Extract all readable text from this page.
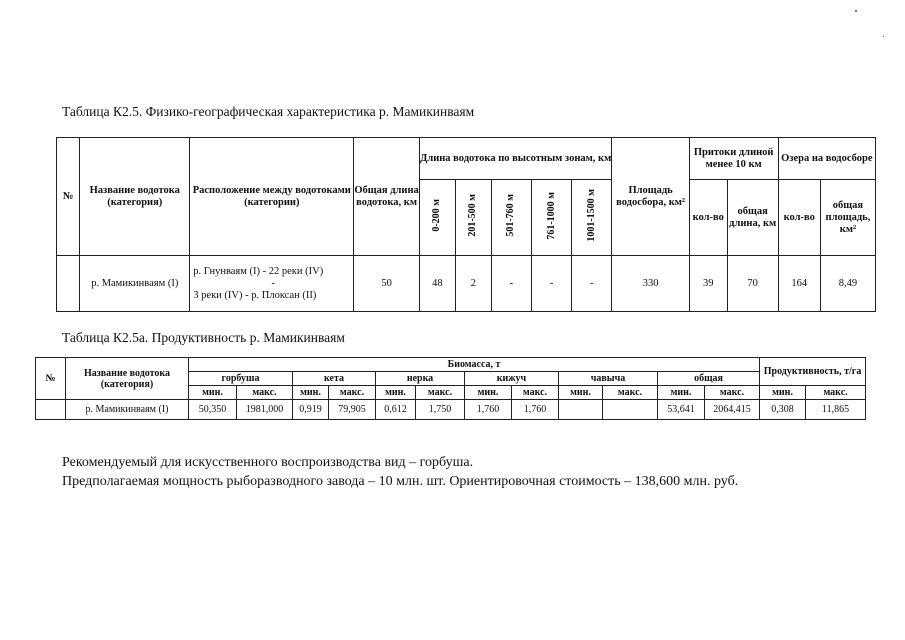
Таблица К2.5. Физико-географическая характеристика р. Мамикинваям
№	Название водотока (категория)	Расположение между водотоками (категории)	Общая длина водотока, км	Длина водотока по высотным зонам, км					Площадь водосбора, км²	Притоки длиной менее 10 км		Озера на водосборе	
				0-200 м	201-500 м	501-760 м	761-1000 м	1001-1500 м		кол-во	общая длина, км	кол-во	общая площадь, км²
	р. Мамикинваям (I)	р. Гнунваям (I) - 22 реки (IV)
-
3 реки (IV) - р. Плоксан (II)	50	48	2	-	-	-	330	39	70	164	8,49
Таблица К2.5а. Продуктивность р. Мамикинваям
№	Название водотока (категория)	Биомасса, т												Продуктивность, т/га	
		горбуша		кета		нерка		кижуч		чавыча		общая			
		мин.	макс.	мин.	макс.	мин.	макс.	мин.	макс.	мин.	макс.	мин.	макс.	мин.	макс.
	р. Мамикинваям (I)	50,350	1981,000	0,919	79,905	0,612	1,750	1,760	1,760			53,641	2064,415	0,308	11,865
Рекомендуемый для искусственного воспроизводства вид – горбуша.
Предполагаемая мощность рыборазводного завода – 10 млн. шт. Ориентировочная стоимость – 138,600 млн. руб.
